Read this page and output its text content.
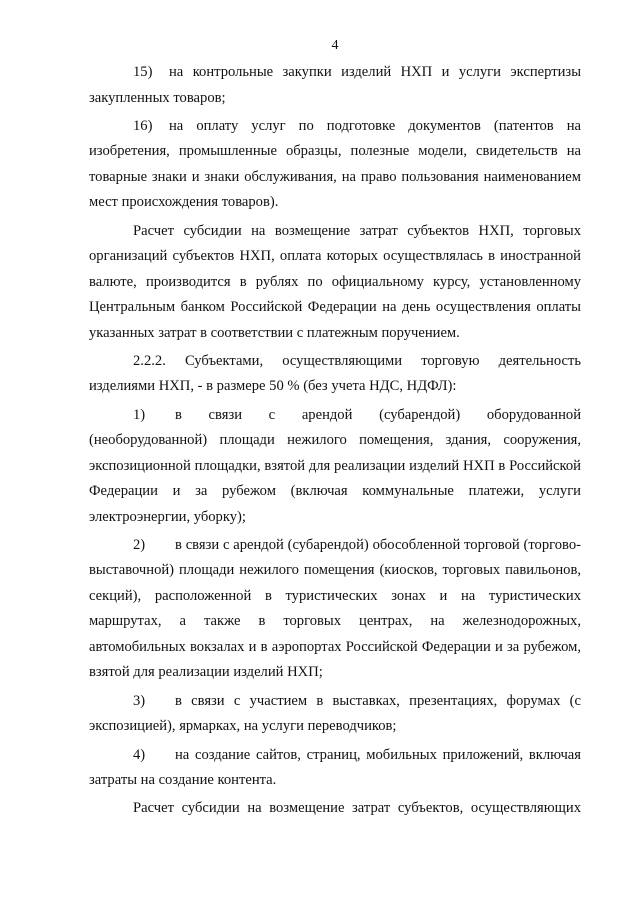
4

15) на контрольные закупки изделий НХП и услуги экспертизы закупленных товаров;

16) на оплату услуг по подготовке документов (патентов на изобретения, промышленные образцы, полезные модели, свидетельств на товарные знаки и знаки обслуживания, на право пользования наименованием мест происхождения товаров).

Расчет субсидии на возмещение затрат субъектов НХП, торговых организаций субъектов НХП, оплата которых осуществлялась в иностранной валюте, производится в рублях по официальному курсу, установленному Центральным банком Российской Федерации на день осуществления оплаты указанных затрат в соответствии с платежным поручением.

2.2.2. Субъектами, осуществляющими торговую деятельность изделиями НХП, - в размере 50 % (без учета НДС, НДФЛ):

1) в связи с арендой (субарендой) оборудованной (необорудованной) площади нежилого помещения, здания, сооружения, экспозиционной площадки, взятой для реализации изделий НХП в Российской Федерации и за рубежом (включая коммунальные платежи, услуги электроэнергии, уборку);

2) в связи с арендой (субарендой) обособленной торговой (торгово-выставочной) площади нежилого помещения (киосков, торговых павильонов, секций), расположенной в туристических зонах и на туристических маршрутах, а также в торговых центрах, на железнодорожных, автомобильных вокзалах и в аэропортах Российской Федерации и за рубежом, взятой для реализации изделий НХП;

3) в связи с участием в выставках, презентациях, форумах (с экспозицией), ярмарках, на услуги переводчиков;

4) на создание сайтов, страниц, мобильных приложений, включая затраты на создание контента.

Расчет субсидии на возмещение затрат субъектов, осуществляющих
